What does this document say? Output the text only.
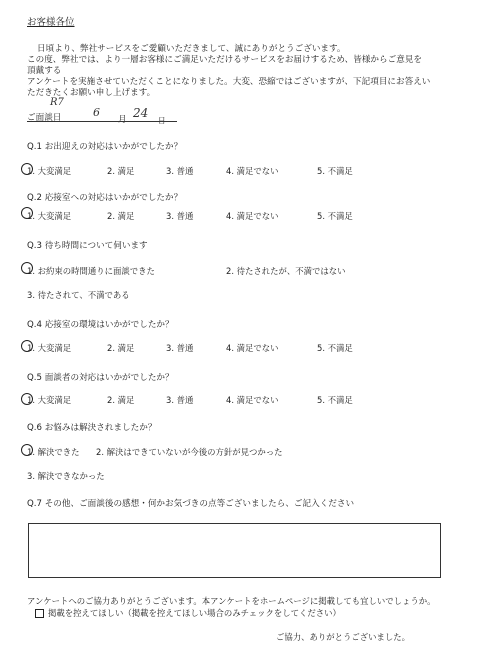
お客様各位
日頃より、弊社サービスをご愛顧いただきまして、誠にありがとうございます。
この度、弊社では、より一層お客様にご満足いただけるサービスをお届けするため、皆様からご意見を
頂戴する
アンケートを実施させていただくことになりました。大変、恐縮ではございますが、下記項目にお答えい
ただきたくお願い申し上げます。
R7
ご面談日	6
月 24
日
Q.1 お出迎えの対応はいかがでしたか？
1. 大変満足	2. 満足	3. 普通	4. 満足でない	5. 不満足
Q.2 応接室への対応はいかがでしたか？
1. 大変満足	2. 満足	3. 普通	4. 満足でない	5. 不満足
Q.3 待ち時間について伺います
1. お約束の時間通りに面談できた	2. 待たされたが、不満ではない
3. 待たされて、不満である
Q.4 応接室の環境はいかがでしたか？
1. 大変満足	2. 満足	3. 普通	4. 満足でない	5. 不満足
Q.5 面談者の対応はいかがでしたか？
1. 大変満足	2. 満足	3. 普通	4. 満足でない	5. 不満足
Q.6 お悩みは解決されましたか？
1. 解決できた 2. 解決はできていないが今後の方針が見つかった
3. 解決できなかった
Q.7 その他、ご面談後の感想・何かお気づきの点等ございましたら、ご記入ください
アンケートへのご協力ありがとうございます。本アンケートをホームページに掲載しても宜しいでしょうか。
掲載を控えてほしい（掲載を控えてほしい場合のみチェックをしてください）
ご協力、ありがとうございました。
